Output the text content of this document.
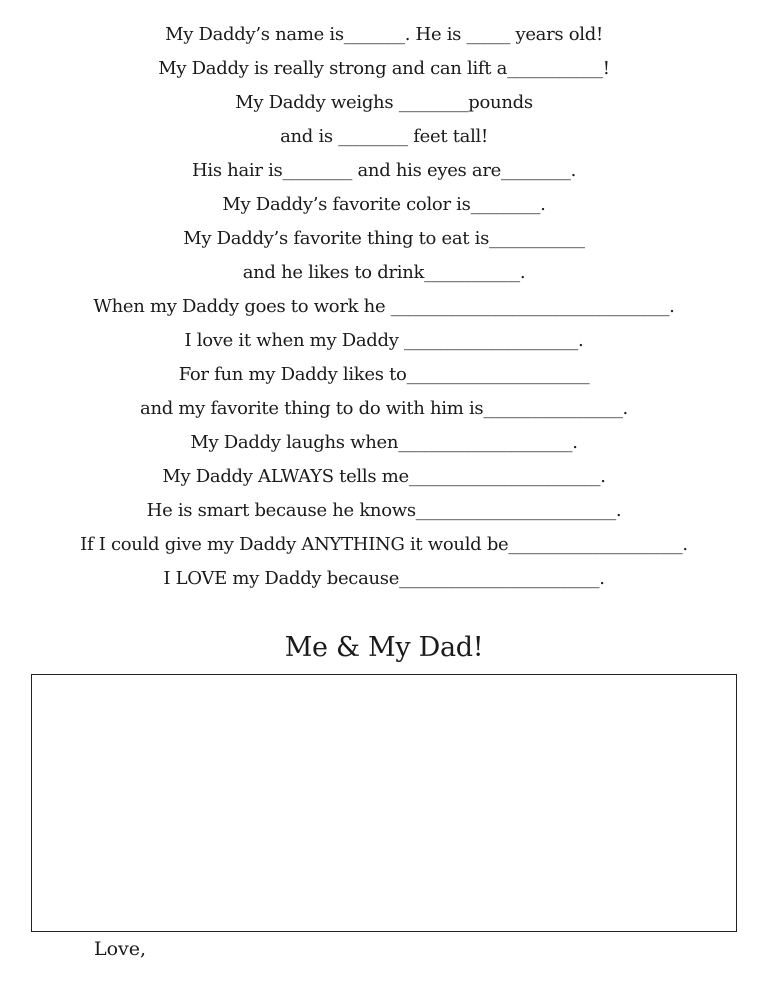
My Daddy’s name is_______. He is _____ years old!
My Daddy is really strong and can lift a___________!
My Daddy weighs ________pounds
and is ________ feet tall!
His hair is________ and his eyes are________.
My Daddy’s favorite color is________.
My Daddy’s favorite thing to eat is___________
and he likes to drink___________.
When my Daddy goes to work he ________________________________.
I love it when my Daddy ____________________.
For fun my Daddy likes to_____________________
and my favorite thing to do with him is________________.
My Daddy laughs when____________________.
My Daddy ALWAYS tells me______________________.
He is smart because he knows_______________________.
If I could give my Daddy ANYTHING it would be____________________.
I LOVE my Daddy because_______________________.
Me & My Dad!
Love,
